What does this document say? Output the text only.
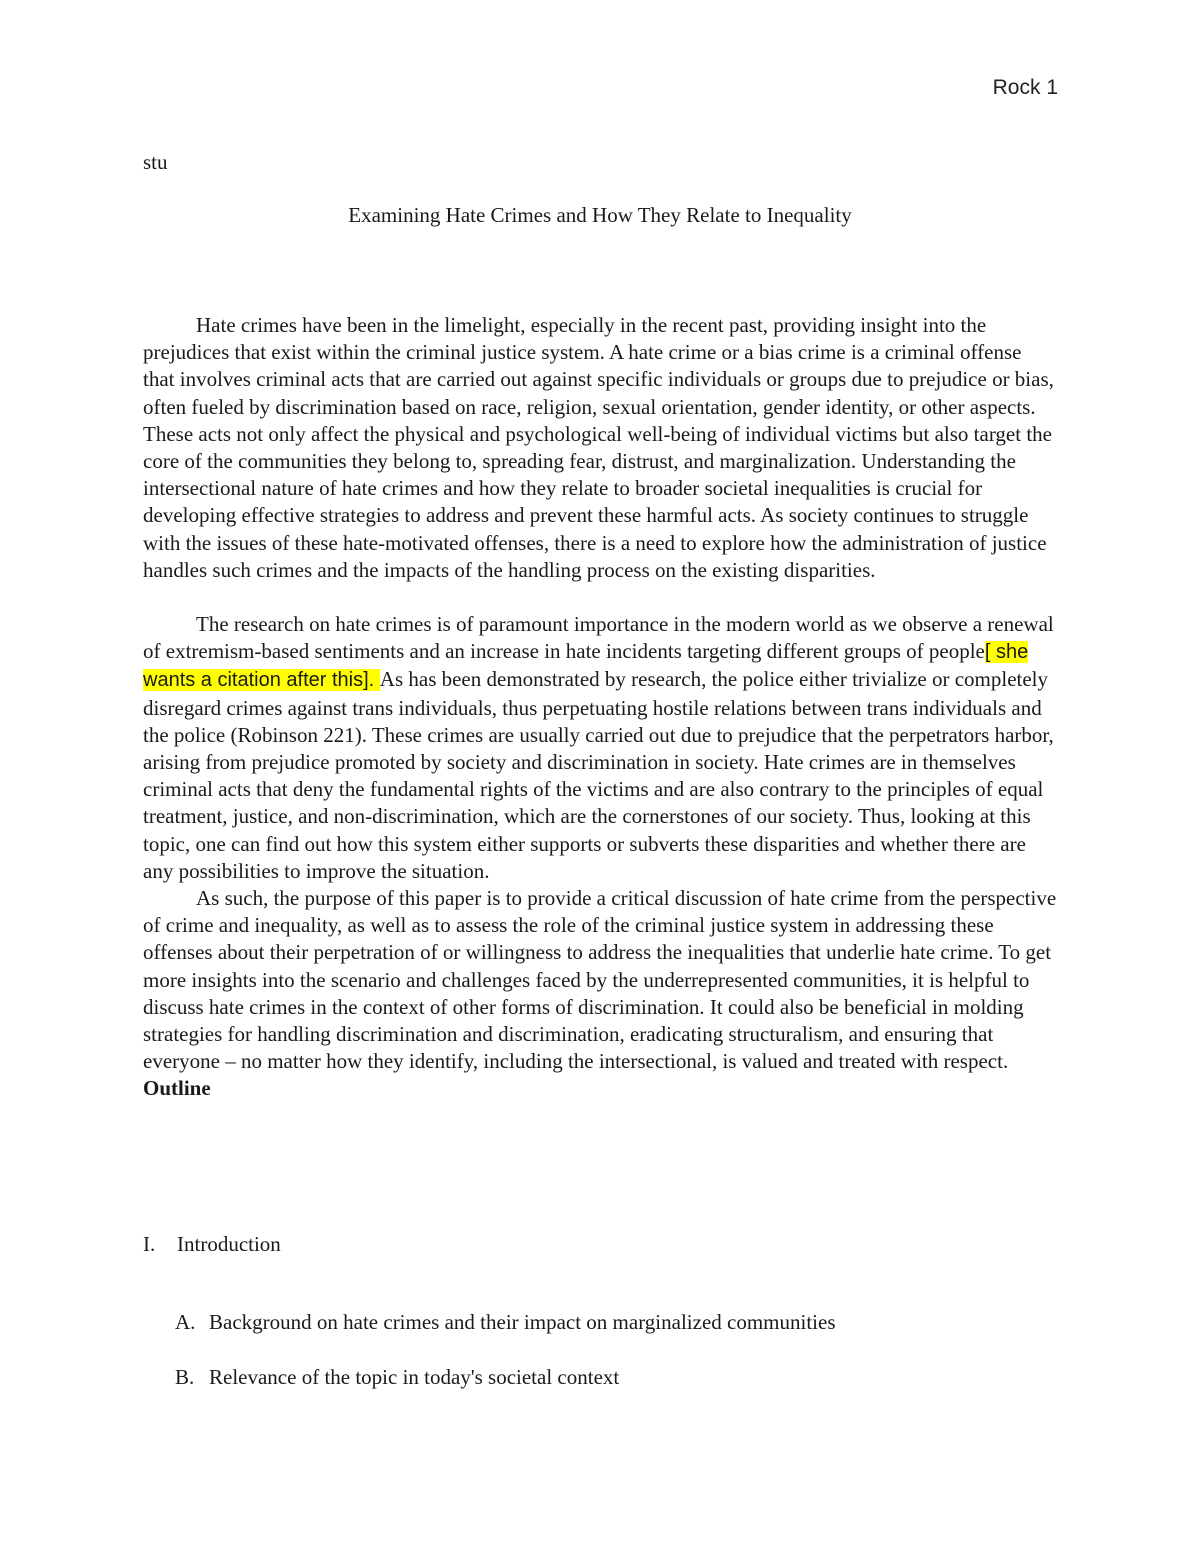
Rock 1
stu
Examining Hate Crimes and How They Relate to Inequality

Hate crimes have been in the limelight, especially in the recent past, providing insight into the prejudices that exist within the criminal justice system. A hate crime or a bias crime is a criminal offense that involves criminal acts that are carried out against specific individuals or groups due to prejudice or bias, often fueled by discrimination based on race, religion, sexual orientation, gender identity, or other aspects. These acts not only affect the physical and psychological well-being of individual victims but also target the core of the communities they belong to, spreading fear, distrust, and marginalization. Understanding the intersectional nature of hate crimes and how they relate to broader societal inequalities is crucial for developing effective strategies to address and prevent these harmful acts. As society continues to struggle with the issues of these hate-motivated offenses, there is a need to explore how the administration of justice handles such crimes and the impacts of the handling process on the existing disparities.

The research on hate crimes is of paramount importance in the modern world as we observe a renewal of extremism-based sentiments and an increase in hate incidents targeting different groups of people[ she wants a citation after this]. As has been demonstrated by research, the police either trivialize or completely disregard crimes against trans individuals, thus perpetuating hostile relations between trans individuals and the police (Robinson 221). These crimes are usually carried out due to prejudice that the perpetrators harbor, arising from prejudice promoted by society and discrimination in society. Hate crimes are in themselves criminal acts that deny the fundamental rights of the victims and are also contrary to the principles of equal treatment, justice, and non-discrimination, which are the cornerstones of our society. Thus, looking at this topic, one can find out how this system either supports or subverts these disparities and whether there are any possibilities to improve the situation.

As such, the purpose of this paper is to provide a critical discussion of hate crime from the perspective of crime and inequality, as well as to assess the role of the criminal justice system in addressing these offenses about their perpetration of or willingness to address the inequalities that underlie hate crime. To get more insights into the scenario and challenges faced by the underrepresented communities, it is helpful to discuss hate crimes in the context of other forms of discrimination. It could also be beneficial in molding strategies for handling discrimination and discrimination, eradicating structuralism, and ensuring that everyone – no matter how they identify, including the intersectional, is valued and treated with respect.

Outline
I.	Introduction
A. Background on hate crimes and their impact on marginalized communities
B. Relevance of the topic in today's societal context
